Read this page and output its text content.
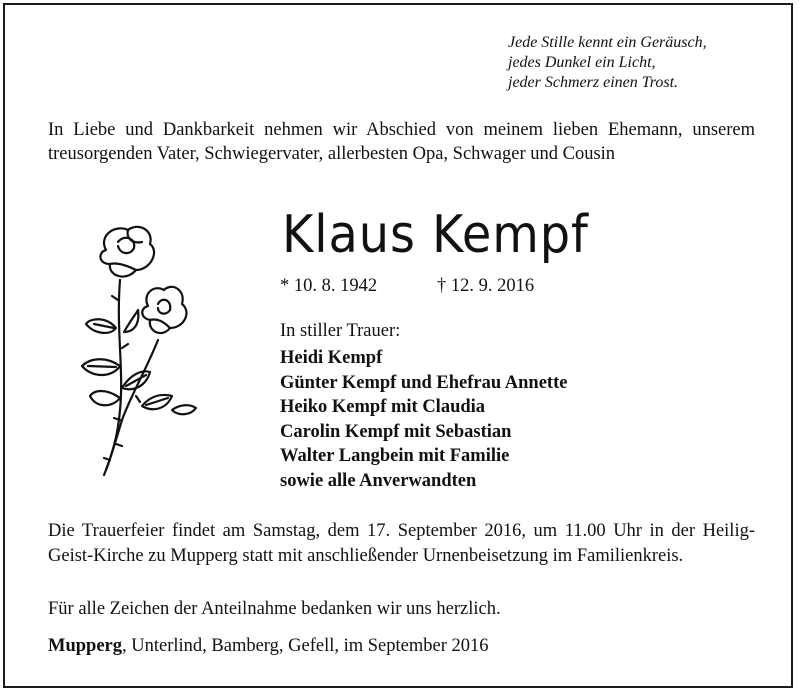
Jede Stille kennt ein Geräusch,
jedes Dunkel ein Licht,
jeder Schmerz einen Trost.
In Liebe und Dankbarkeit nehmen wir Abschied von meinem lieben Ehemann, unserem treusorgenden Vater, Schwiegervater, allerbesten Opa, Schwager und Cousin
Klaus Kempf
* 10. 8. 1942	† 12. 9. 2016
In stiller Trauer:
Heidi Kempf
Günter Kempf und Ehefrau Annette
Heiko Kempf mit Claudia
Carolin Kempf mit Sebastian
Walter Langbein mit Familie
sowie alle Anverwandten
Die Trauerfeier findet am Samstag, dem 17. September 2016, um 11.00 Uhr in der Heilig-Geist-Kirche zu Mupperg statt mit anschließender Urnenbeisetzung im Familienkreis.
Für alle Zeichen der Anteilnahme bedanken wir uns herzlich.
Mupperg, Unterlind, Bamberg, Gefell, im September 2016
